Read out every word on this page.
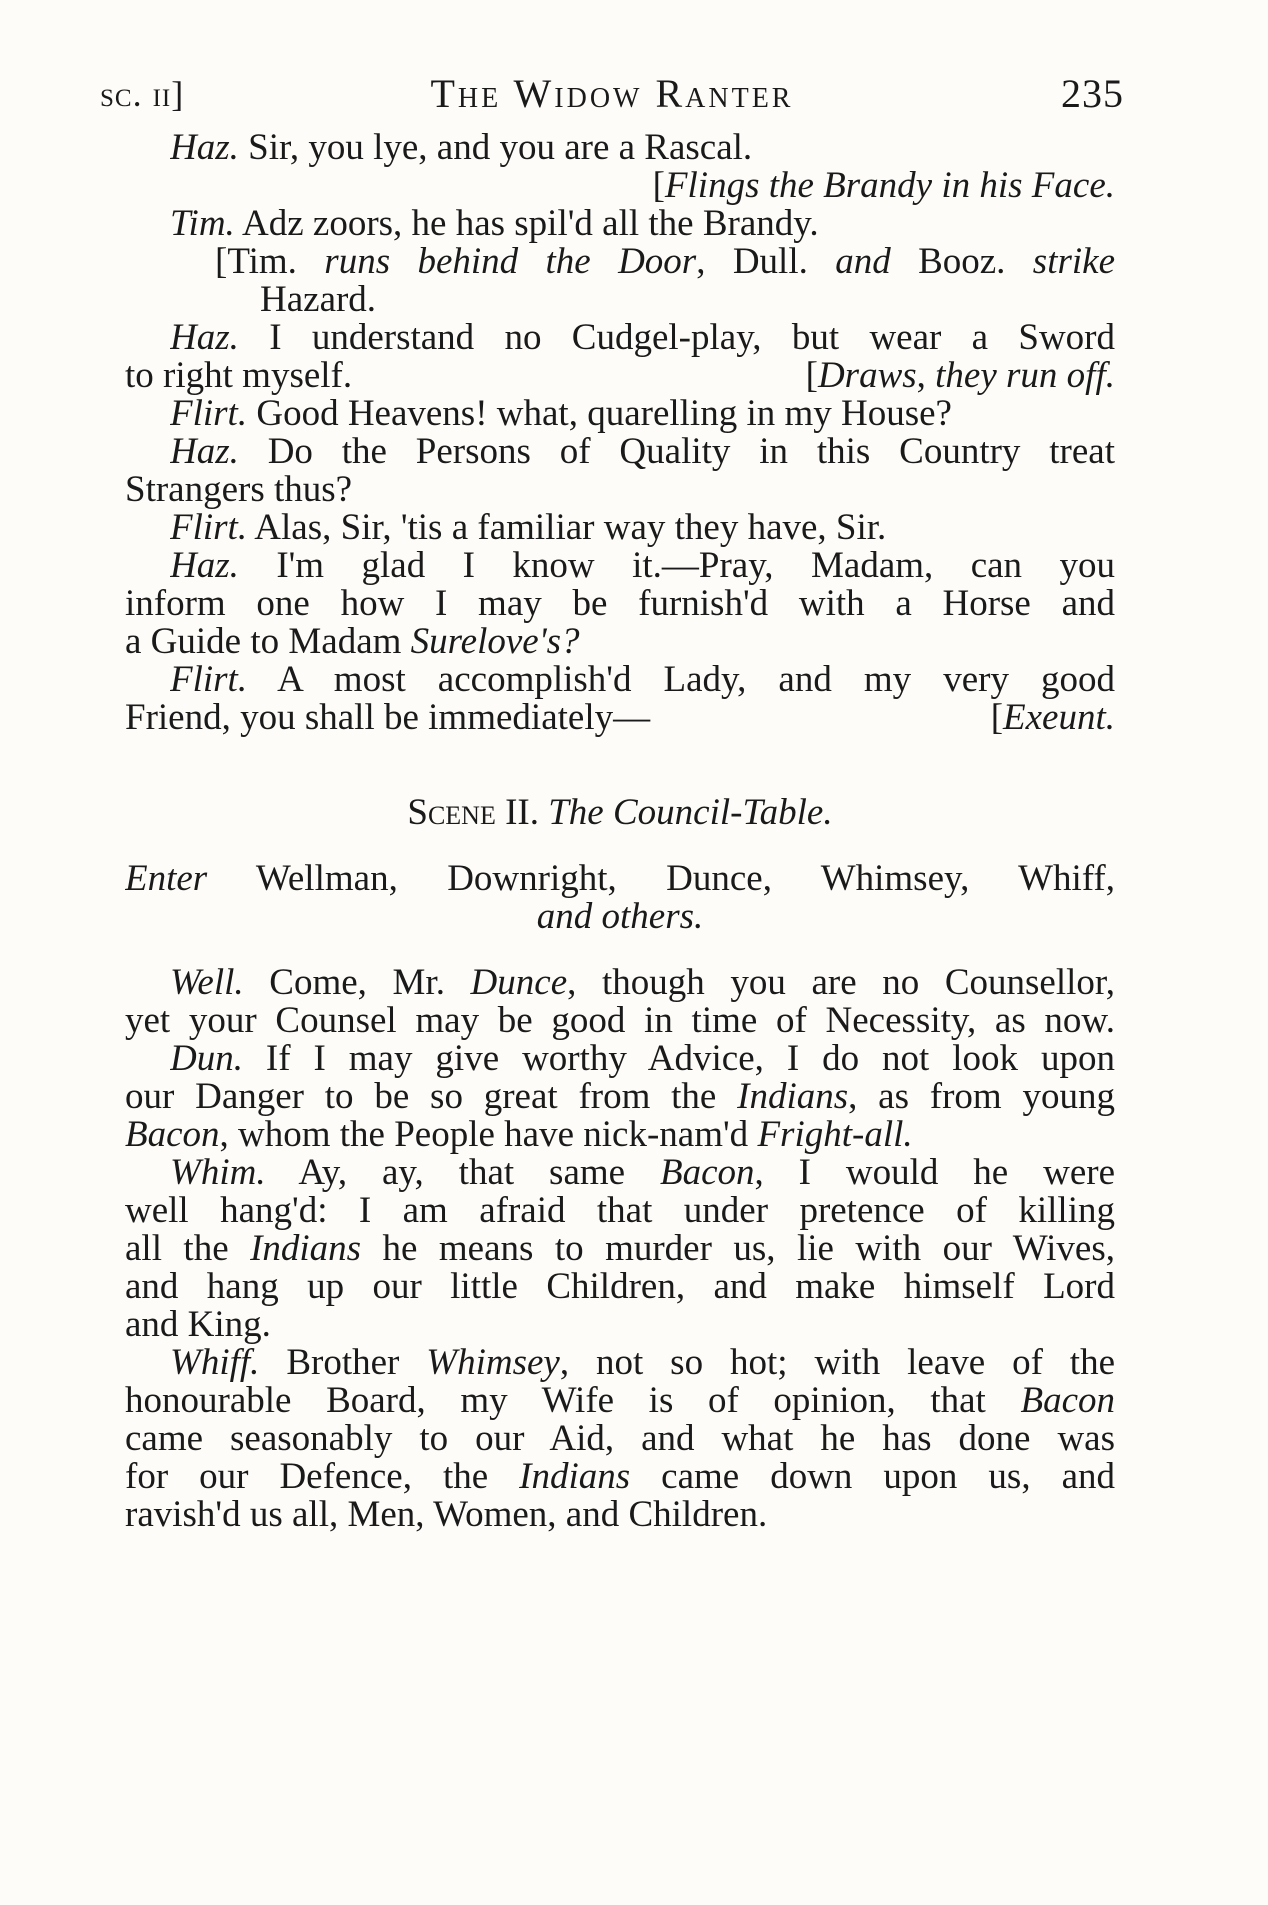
sc. ii]	The Widow Ranter	235
Haz. Sir, you lye, and you are a Rascal.
[Flings the Brandy in his Face.
Tim. Adz zoors, he has spil'd all the Brandy.
[Tim. runs behind the Door, Dull. and Booz. strike
Hazard.
Haz. I understand no Cudgel-play, but wear a Sword
to right myself.	[Draws, they run off.
Flirt. Good Heavens! what, quarelling in my House?
Haz. Do the Persons of Quality in this Country treat
Strangers thus?
Flirt. Alas, Sir, 'tis a familiar way they have, Sir.
Haz. I'm glad I know it.—Pray, Madam, can you
inform one how I may be furnish'd with a Horse and
a Guide to Madam Surelove's?
Flirt. A most accomplish'd Lady, and my very good
Friend, you shall be immediately—	[Exeunt.
Scene II. The Council-Table.
Enter Wellman, Downright, Dunce, Whimsey, Whiff,
and others.
Well. Come, Mr. Dunce, though you are no Counsellor,
yet your Counsel may be good in time of Necessity, as now.
Dun. If I may give worthy Advice, I do not look upon
our Danger to be so great from the Indians, as from young
Bacon, whom the People have nick-nam'd Fright-all.
Whim. Ay, ay, that same Bacon, I would he were
well hang'd: I am afraid that under pretence of killing
all the Indians he means to murder us, lie with our Wives,
and hang up our little Children, and make himself Lord
and King.
Whiff. Brother Whimsey, not so hot; with leave of the
honourable Board, my Wife is of opinion, that Bacon
came seasonably to our Aid, and what he has done was
for our Defence, the Indians came down upon us, and
ravish'd us all, Men, Women, and Children.
